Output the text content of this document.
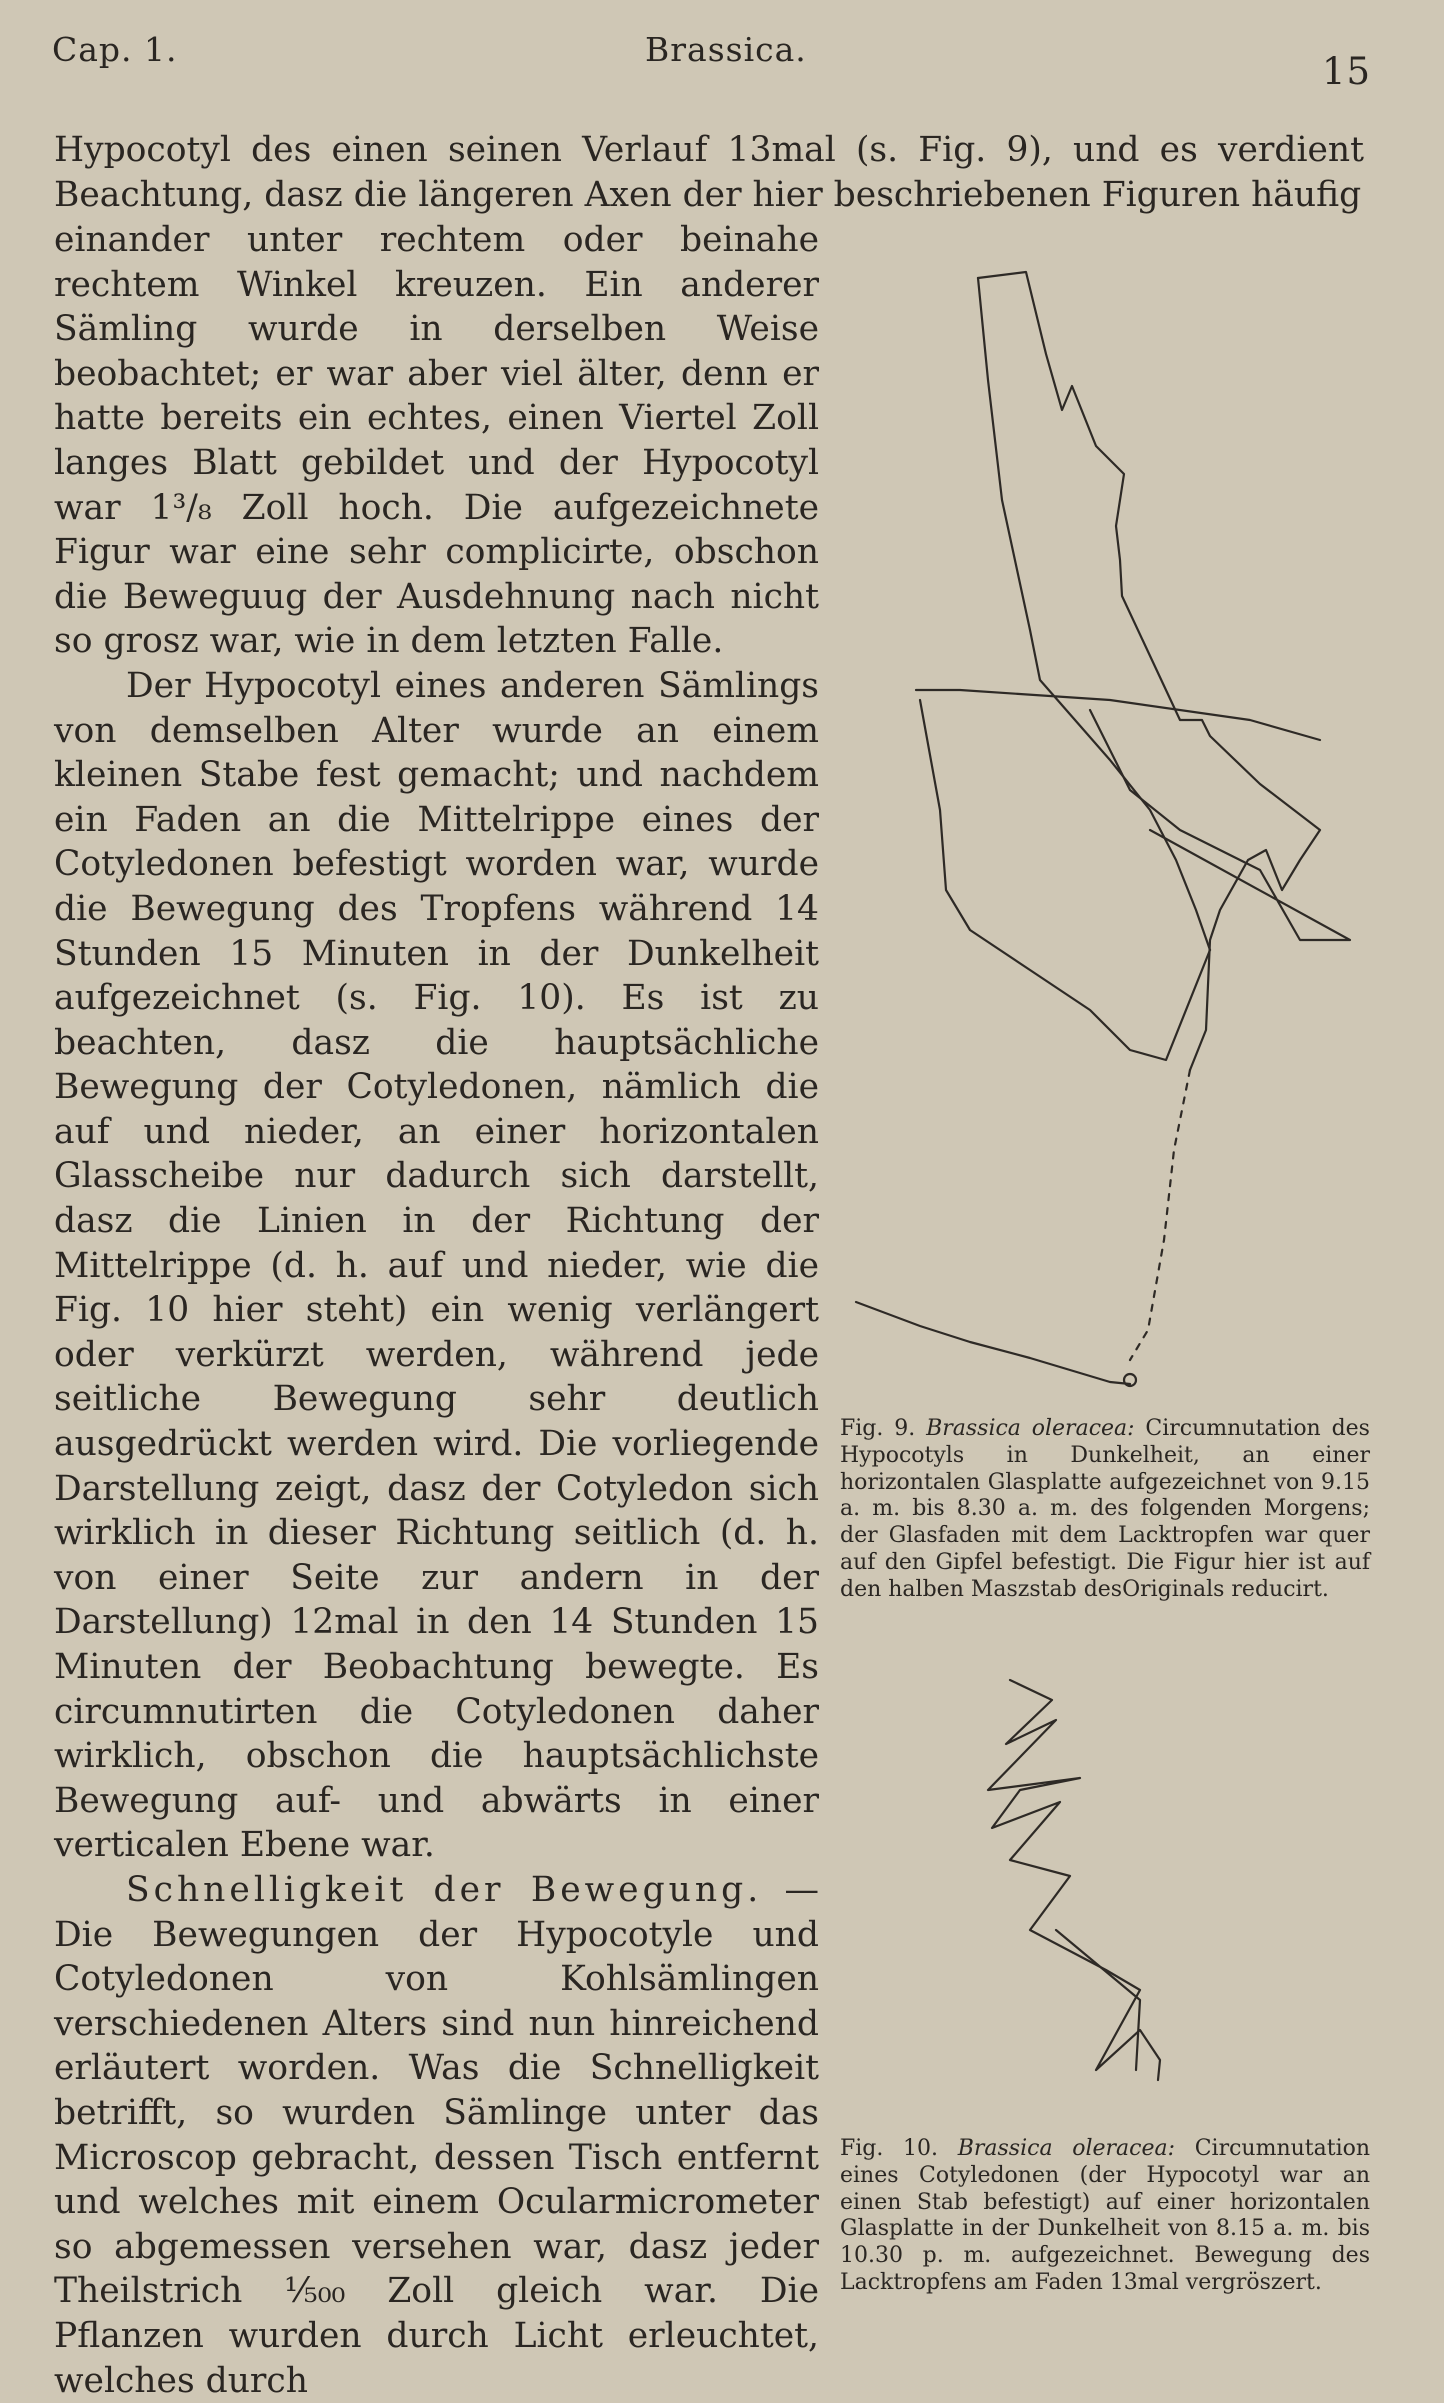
Cap. 1.	Brassica.
15

Hypocotyl des einen seinen Verlauf 13mal (s. Fig. 9), und es verdient Beachtung, dasz die längeren Axen der hier beschriebenen Figuren häufig

einander unter rechtem oder beinahe rechtem Winkel kreuzen. Ein anderer Sämling wurde in derselben Weise beobachtet; er war aber viel älter, denn er hatte bereits ein echtes, einen Viertel Zoll langes Blatt gebildet und der Hypocotyl war 1³/₈ Zoll hoch. Die aufgezeichnete Figur war eine sehr complicirte, obschon die Beweguug der Ausdehnung nach nicht so grosz war, wie in dem letzten Falle.

Der Hypocotyl eines anderen Sämlings von demselben Alter wurde an einem kleinen Stabe fest gemacht; und nachdem ein Faden an die Mittelrippe eines der Cotyledonen befestigt worden war, wurde die Bewegung des Tropfens während 14 Stunden 15 Minuten in der Dunkelheit aufgezeichnet (s. Fig. 10). Es ist zu beachten, dasz die hauptsächliche Bewegung der Cotyledonen, nämlich die auf und nieder, an einer horizontalen Glasscheibe nur dadurch sich darstellt, dasz die Linien in der Richtung der Mittelrippe (d. h. auf und nieder, wie die Fig. 10 hier steht) ein wenig verlängert oder verkürzt werden, während jede seitliche Bewegung sehr deutlich ausgedrückt werden wird. Die vorliegende Darstellung zeigt, dasz der Cotyledon sich wirklich in dieser Richtung seitlich (d. h. von einer Seite zur andern in der Darstellung) 12mal in den 14 Stunden 15 Minuten der Beobachtung bewegte. Es circumnutirten die Cotyledonen daher wirklich, obschon die hauptsächlichste Bewegung auf- und abwärts in einer verticalen Ebene war.

Schnelligkeit der Bewegung. — Die Bewegungen der Hypocotyle und Cotyledonen von Kohlsämlingen verschiedenen Alters sind nun hinreichend erläutert worden. Was die Schnelligkeit betrifft, so wurden Sämlinge unter das Microscop gebracht, dessen Tisch entfernt und welches mit einem Ocularmicrometer so abgemessen versehen war, dasz jeder Theilstrich ¹⁄₅₀₀ Zoll gleich war. Die Pflanzen wurden durch Licht erleuchtet, welches durch

Fig. 9. Brassica oleracea: Circumnutation des Hypocotyls in Dunkelheit, an einer horizontalen Glasplatte aufgezeichnet von 9.15 a. m. bis 8.30 a. m. des folgenden Morgens; der Glasfaden mit dem Lacktropfen war quer auf den Gipfel befestigt. Die Figur hier ist auf den halben Maszstab desOriginals reducirt.
Fig. 10. Brassica oleracea: Circumnutation eines Cotyledonen (der Hypocotyl war an einen Stab befestigt) auf einer horizontalen Glasplatte in der Dunkelheit von 8.15 a. m. bis 10.30 p. m. aufgezeichnet. Bewegung des Lacktropfens am Faden 13mal vergröszert.
